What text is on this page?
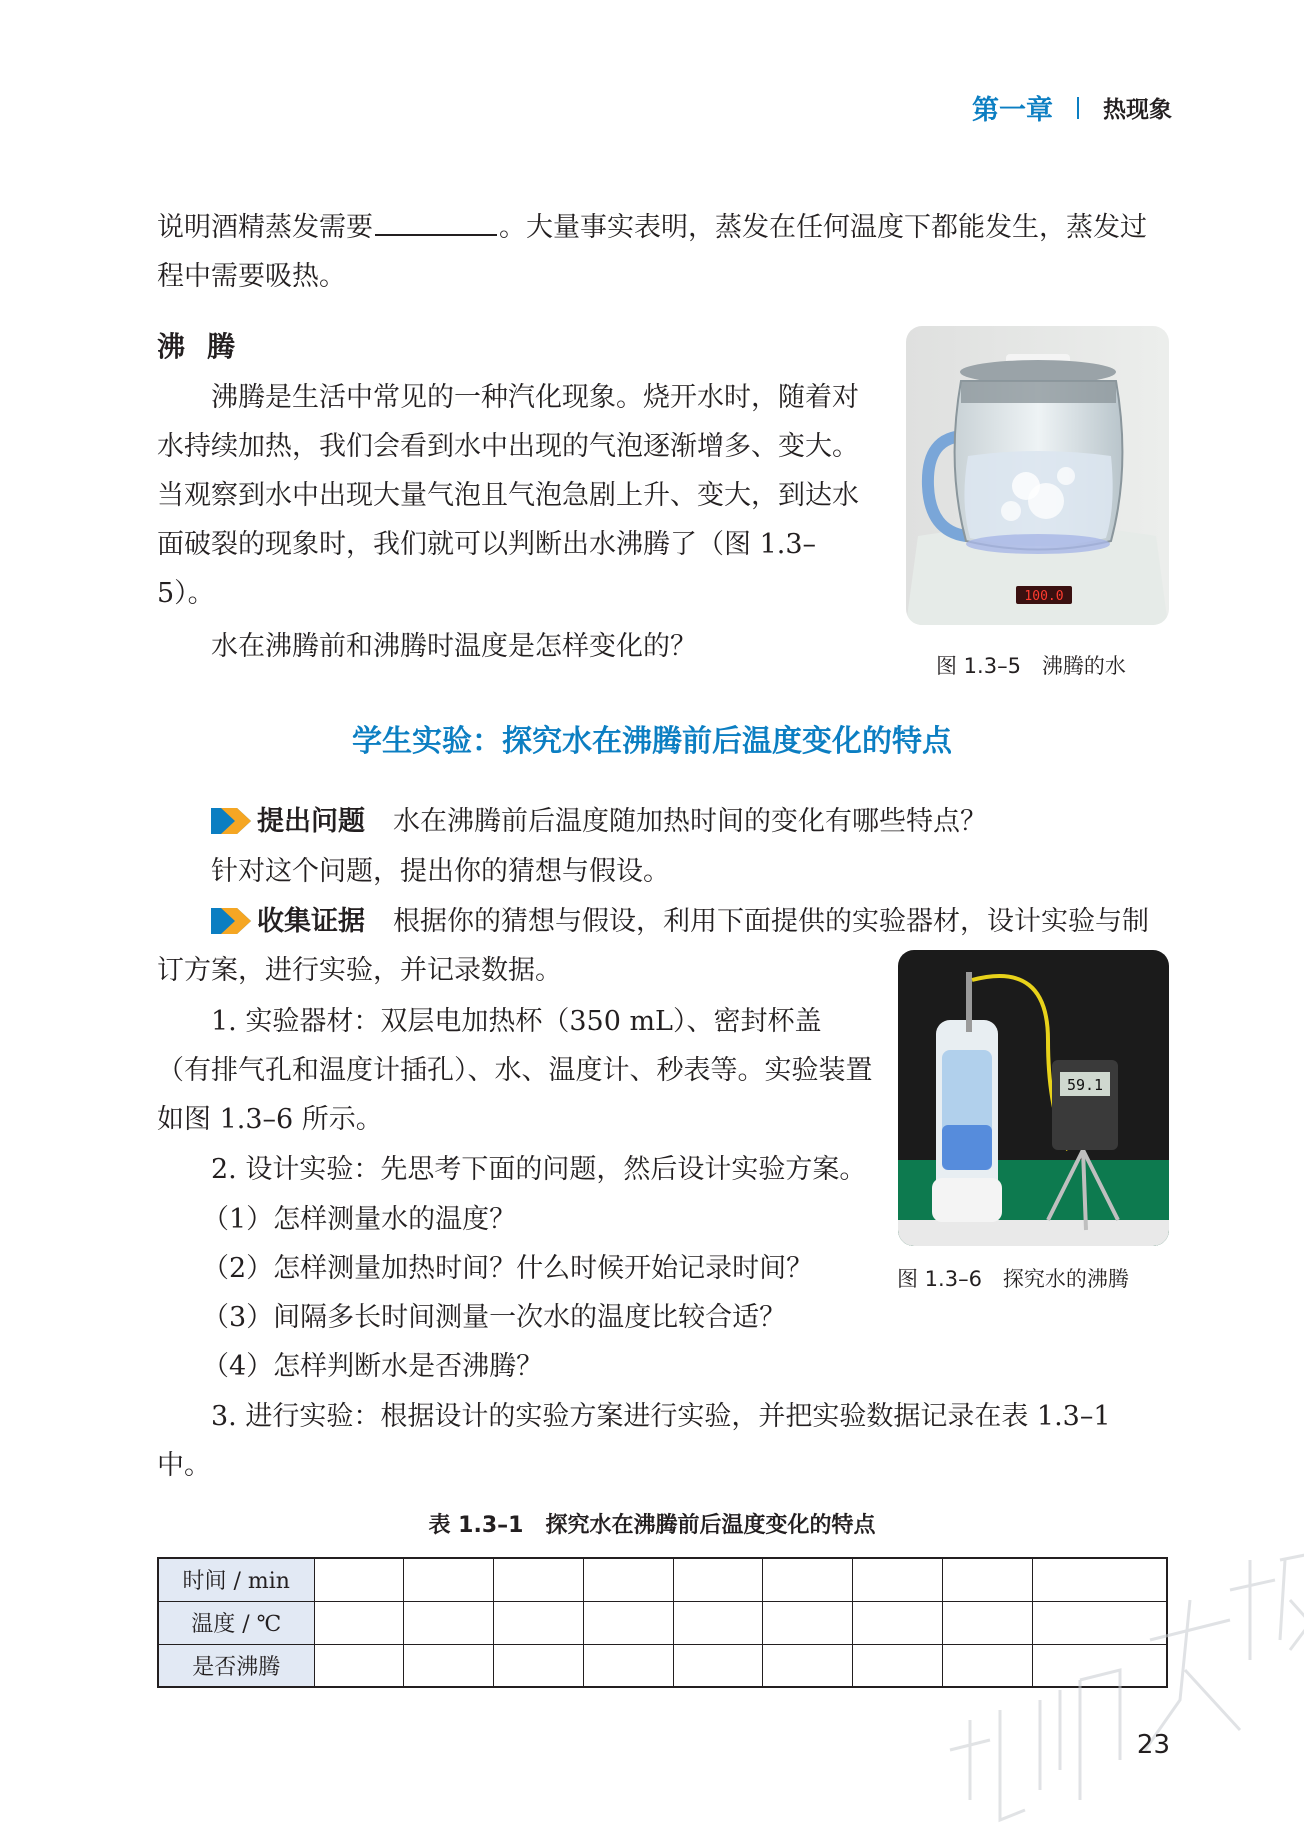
第一章 热现象
说明酒精蒸发需要	。大量事实表明，蒸发在任何温度下都能发生，蒸发过程中需要吸热。
沸腾
沸腾是生活中常见的一种汽化现象。烧开水时，随着对水持续加热，我们会看到水中出现的气泡逐渐增多、变大。当观察到水中出现大量气泡且气泡急剧上升、变大，到达水面破裂的现象时，我们就可以判断出水沸腾了（图 1.3–5）。
水在沸腾前和沸腾时温度是怎样变化的？
100.0
图 1.3–5　沸腾的水
学生实验：探究水在沸腾前后温度变化的特点
提出问题 水在沸腾前后温度随加热时间的变化有哪些特点？
针对这个问题，提出你的猜想与假设。
收集证据 根据你的猜想与假设，利用下面提供的实验器材，设计实验与制订方案，进行实验，并记录数据。
1. 实验器材：双层电加热杯（350 mL）、密封杯盖（有排气孔和温度计插孔）、水、温度计、秒表等。实验装置如图 1.3–6 所示。
2. 设计实验：先思考下面的问题，然后设计实验方案。
（1）怎样测量水的温度？
（2）怎样测量加热时间？什么时候开始记录时间？
（3）间隔多长时间测量一次水的温度比较合适？
（4）怎样判断水是否沸腾？
3. 进行实验：根据设计的实验方案进行实验，并把实验数据记录在表 1.3–1 中。
59.1
图 1.3–6　探究水的沸腾
表 1.3–1　探究水在沸腾前后温度变化的特点
时间 / min									
温度 / ℃									
是否沸腾									
23
